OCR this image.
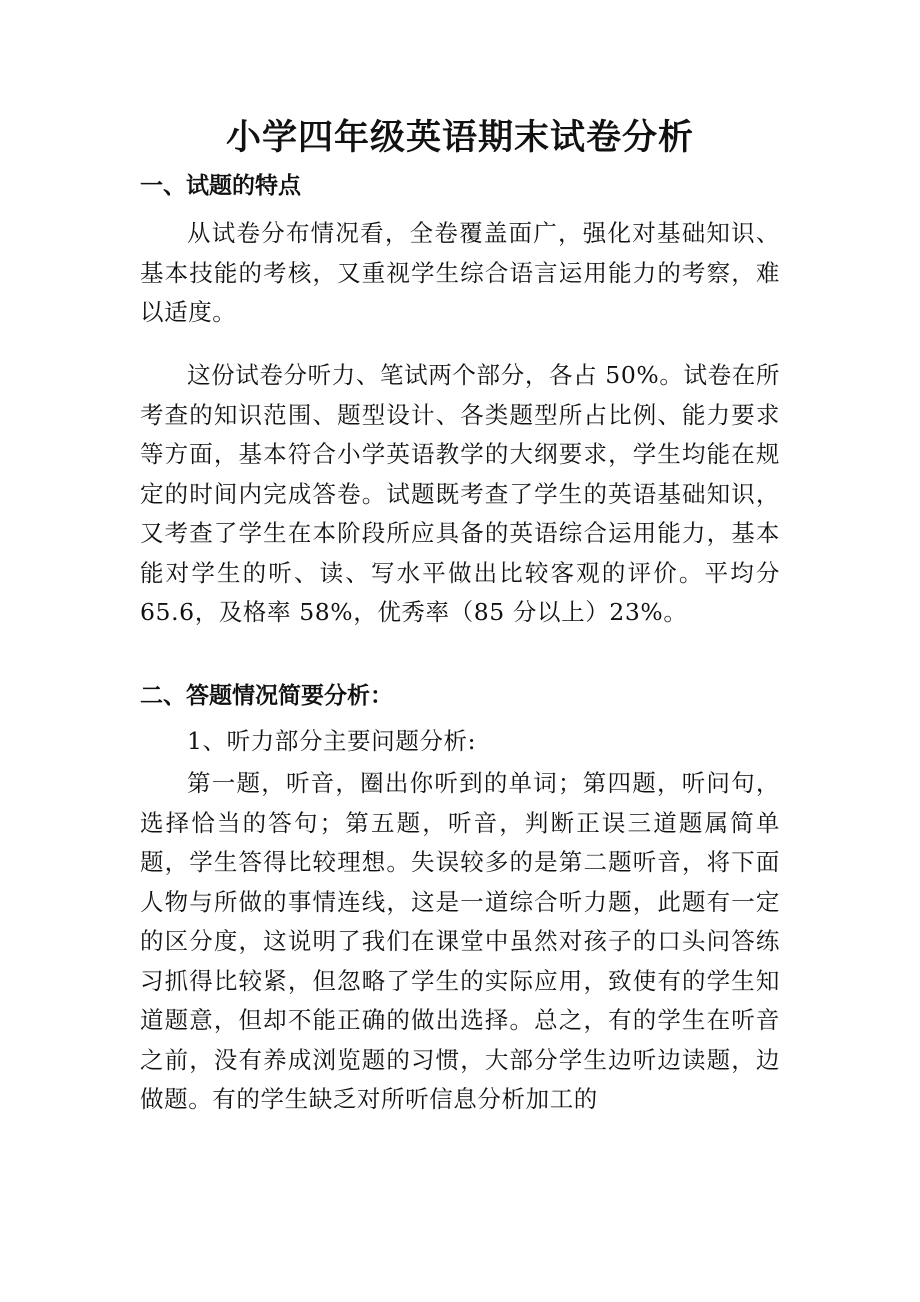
小学四年级英语期末试卷分析
一、试题的特点

从试卷分布情况看，全卷覆盖面广，强化对基础知识、基本技能的考核，又重视学生综合语言运用能力的考察，难以适度。

这份试卷分听力、笔试两个部分，各占 50%。试卷在所考查的知识范围、题型设计、各类题型所占比例、能力要求等方面，基本符合小学英语教学的大纲要求，学生均能在规定的时间内完成答卷。试题既考查了学生的英语基础知识，又考查了学生在本阶段所应具备的英语综合运用能力，基本能对学生的听、读、写水平做出比较客观的评价。平均分 65.6，及格率 58%，优秀率（85 分以上）23%。

二、答题情况简要分析：

1、听力部分主要问题分析:

第一题，听音，圈出你听到的单词；第四题，听问句，选择恰当的答句；第五题，听音，判断正误三道题属简单题，学生答得比较理想。失误较多的是第二题听音，将下面人物与所做的事情连线，这是一道综合听力题，此题有一定的区分度，这说明了我们在课堂中虽然对孩子的口头问答练习抓得比较紧，但忽略了学生的实际应用，致使有的学生知道题意，但却不能正确的做出选择。总之，有的学生在听音之前，没有养成浏览题的习惯，大部分学生边听边读题，边做题。有的学生缺乏对所听信息分析加工的
